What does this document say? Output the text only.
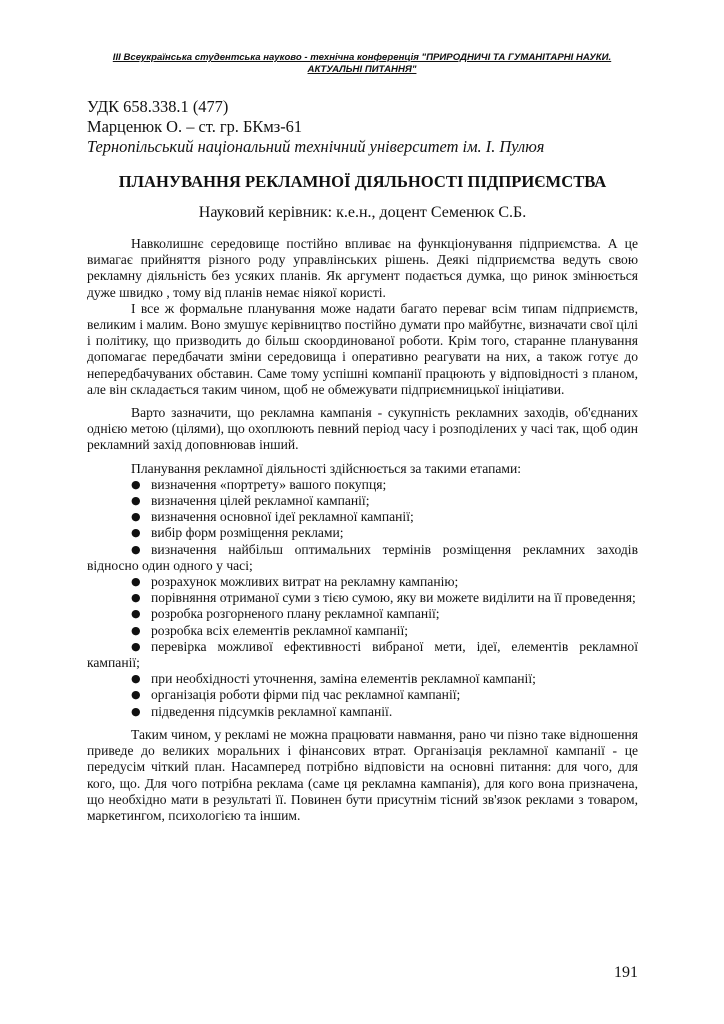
III Всеукраїнська студентська науково - технічна конференція "ПРИРОДНИЧІ ТА ГУМАНІТАРНІ НАУКИ. АКТУАЛЬНІ ПИТАННЯ"
УДК 658.338.1 (477)
Марценюк О. – ст. гр. БКмз-61
Тернопільський національний технічний університет ім. І. Пулюя
ПЛАНУВАННЯ РЕКЛАМНОЇ ДІЯЛЬНОСТІ ПІДПРИЄМСТВА
Науковий керівник: к.е.н., доцент Семенюк С.Б.

Навколишнє середовище постійно впливає на функціонування підприємства. А це вимагає прийняття різного роду управлінських рішень. Деякі підприємства ведуть свою рекламну діяльність без усяких планів. Як аргумент подається думка, що ринок змінюється дуже швидко , тому від планів немає ніякої користі.

І все ж формальне планування може надати багато переваг всім типам підприємств, великим і малим. Воно змушує керівництво постійно думати про майбутнє, визначати свої цілі і політику, що призводить до більш скоординованої роботи. Крім того, старанне планування допомагає передбачати зміни середовища і оперативно реагувати на них, а також готує до непередбачуваних обставин. Саме тому успішні компанії працюють у відповідності з планом, але він складається таким чином, щоб не обмежувати підприємницької ініціативи.

Варто зазначити, що рекламна кампанія - сукупність рекламних заходів, об'єднаних однією метою (цілями), що охоплюють певний період часу і розподілених у часі так, щоб один рекламний захід доповнював інший.

Планування рекламної діяльності здійснюється за такими етапами:

● визначення «портрету» вашого покупця;
● визначення цілей рекламної кампанії;
● визначення основної ідеї рекламної кампанії;
● вибір форм розміщення реклами;
● визначення найбільш оптимальних термінів розміщення рекламних заходів відносно один одного у часі;
● розрахунок можливих витрат на рекламну кампанію;
● порівняння отриманої суми з тією сумою, яку ви можете виділити на її проведення;
● розробка розгорненого плану рекламної кампанії;
● розробка всіх елементів рекламної кампанії;
● перевірка можливої ефективності вибраної мети, ідеї, елементів рекламної кампанії;
● при необхідності уточнення, заміна елементів рекламної кампанії;
● організація роботи фірми під час рекламної кампанії;
● підведення підсумків рекламної кампанії.

Таким чином, у рекламі не можна працювати навмання, рано чи пізно таке відношення приведе до великих моральних і фінансових втрат. Організація рекламної кампанії - це передусім чіткий план. Насамперед потрібно відповісти на основні питання: для чого, для кого, що. Для чого потрібна реклама (саме ця рекламна кампанія), для кого вона призначена, що необхідно мати в результаті її. Повинен бути присутнім тісний зв'язок реклами з товаром, маркетингом, психологією та іншим.

191
